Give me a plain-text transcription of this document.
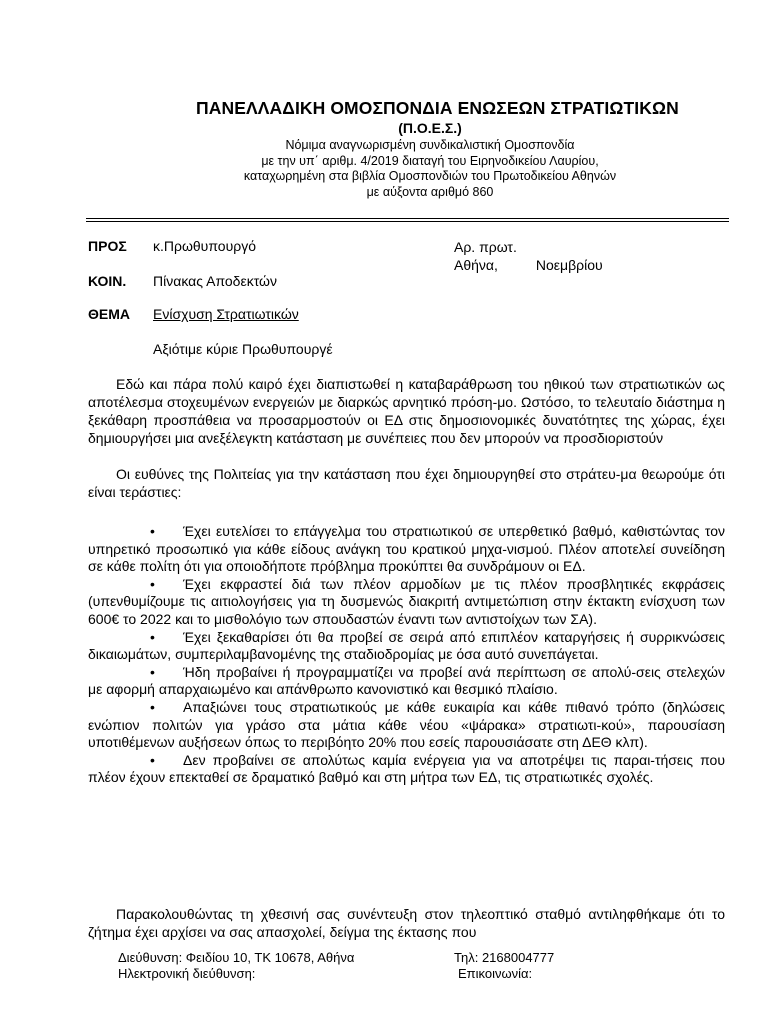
ΠΑΝΕΛΛΑΔΙΚΗ ΟΜΟΣΠΟΝΔΙΑ ΕΝΩΣΕΩΝ ΣΤΡΑΤΙΩΤΙΚΩΝ
(Π.Ο.Ε.Σ.)
Νόμιμα αναγνωρισμένη συνδικαλιστική Ομοσπονδία
με την υπ΄ αριθμ. 4/2019 διαταγή του Ειρηνοδικείου Λαυρίου,
καταχωρημένη στα βιβλία Ομοσπονδιών του Πρωτοδικείου Αθηνών
με αύξοντα αριθμό 860
ΠΡΟΣ κ.Πρωθυπουργό	Αρ. πρωτ.
Αθήνα,	Νοεμβρίου
ΚΟΙΝ. Πίνακας Αποδεκτών
ΘΕΜΑ Ενίσχυση Στρατιωτικών
Αξιότιμε κύριε Πρωθυπουργέ
Εδώ και πάρα πολύ καιρό έχει διαπιστωθεί η καταβαράθρωση του ηθικού των στρατιωτικών ως αποτέλεσμα στοχευμένων ενεργειών με διαρκώς αρνητικό πρόση-μο. Ωστόσο, το τελευταίο διάστημα η ξεκάθαρη προσπάθεια να προσαρμοστούν οι ΕΔ στις δημοσιονομικές δυνατότητες της χώρας, έχει δημιουργήσει μια ανεξέλεγκτη κατάσταση με συνέπειες που δεν μπορούν να προσδιοριστούν
Οι ευθύνες της Πολιτείας για την κατάσταση που έχει δημιουργηθεί στο στράτευ-μα θεωρούμε ότι είναι τεράστιες:

• Έχει ευτελίσει το επάγγελμα του στρατιωτικού σε υπερθετικό βαθμό, καθιστώντας τον υπηρετικό προσωπικό για κάθε είδους ανάγκη του κρατικού μηχα-νισμού. Πλέον αποτελεί συνείδηση σε κάθε πολίτη ότι για οποιοδήποτε πρόβλημα προκύπτει θα συνδράμουν οι ΕΔ.

• Έχει εκφραστεί διά των πλέον αρμοδίων με τις πλέον προσβλητικές εκφράσεις (υπενθυμίζουμε τις αιτιολογήσεις για τη δυσμενώς διακριτή αντιμετώπιση στην έκτακτη ενίσχυση των 600€ το 2022 και το μισθολόγιο των σπουδαστών έναντι των αντιστοίχων των ΣΑ).

• Έχει ξεκαθαρίσει ότι θα προβεί σε σειρά από επιπλέον καταργήσεις ή συρρικνώσεις δικαιωμάτων, συμπεριλαμβανομένης της σταδιοδρομίας με όσα αυτό συνεπάγεται.

• Ήδη προβαίνει ή προγραμματίζει να προβεί ανά περίπτωση σε απολύ-σεις στελεχών με αφορμή απαρχαιωμένο και απάνθρωπο κανονιστικό και θεσμικό πλαίσιο.

• Απαξιώνει τους στρατιωτικούς με κάθε ευκαιρία και κάθε πιθανό τρόπο (δηλώσεις ενώπιον πολιτών για γράσο στα μάτια κάθε νέου «ψάρακα» στρατιωτι-κού», παρουσίαση υποτιθέμενων αυξήσεων όπως το περιβόητο 20% που εσείς παρουσιάσατε στη ΔΕΘ κλπ).

• Δεν προβαίνει σε απολύτως καμία ενέργεια για να αποτρέψει τις παραι-τήσεις που πλέον έχουν επεκταθεί σε δραματικό βαθμό και στη μήτρα των ΕΔ, τις στρατιωτικές σχολές.

Παρακολουθώντας τη χθεσινή σας συνέντευξη στον τηλεοπτικό σταθμό αντιληφθήκαμε ότι το ζήτημα έχει αρχίσει να σας απασχολεί, δείγμα της έκτασης που
Διεύθυνση: Φειδίου 10, ΤΚ 10678, Αθήνα
Ηλεκτρονική διεύθυνση:
Τηλ: 2168004777
Επικοινωνία:
